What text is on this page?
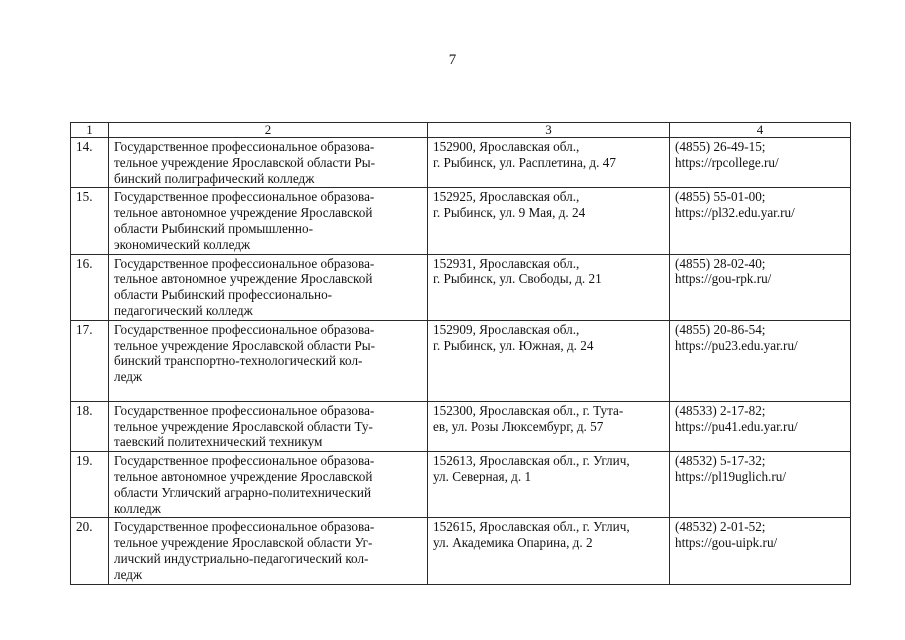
7
1	2	3	4
14.	Государственное профессиональное образова-
тельное учреждение Ярославской области Ры-
бинский полиграфический колледж	152900, Ярославская обл.,
г. Рыбинск, ул. Расплетина, д. 47	(4855) 26-49-15;
https://rpcollege.ru/

15.	Государственное профессиональное образова-
тельное автономное учреждение Ярославской
области Рыбинский промышленно-
экономический колледж	152925, Ярославская обл.,
г. Рыбинск, ул. 9 Мая, д. 24	(4855) 55-01-00;
https://pl32.edu.yar.ru/

16.	Государственное профессиональное образова-
тельное автономное учреждение Ярославской
области Рыбинский профессионально-
педагогический колледж	152931, Ярославская обл.,
г. Рыбинск, ул. Свободы, д. 21	(4855) 28-02-40;
https://gou-rpk.ru/

17.	Государственное профессиональное образова-
тельное учреждение Ярославской области Ры-
бинский транспортно-технологический кол-
ледж	152909, Ярославская обл.,
г. Рыбинск, ул. Южная, д. 24	(4855) 20-86-54;
https://pu23.edu.yar.ru/

18.	Государственное профессиональное образова-
тельное учреждение Ярославской области Ту-
таевский политехнический техникум	152300, Ярославская обл., г. Тута-
ев, ул. Розы Люксембург, д. 57	(48533) 2-17-82;
https://pu41.edu.yar.ru/

19.	Государственное профессиональное образова-
тельное автономное учреждение Ярославской
области Угличский аграрно-политехнический
колледж	152613, Ярославская обл., г. Углич,
ул. Северная, д. 1	(48532) 5-17-32;
https://pl19uglich.ru/

20.	Государственное профессиональное образова-
тельное учреждение Ярославской области Уг-
личский индустриально-педагогический кол-
ледж	152615, Ярославская обл., г. Углич,
ул. Академика Опарина, д. 2	(48532) 2-01-52;
https://gou-uipk.ru/
